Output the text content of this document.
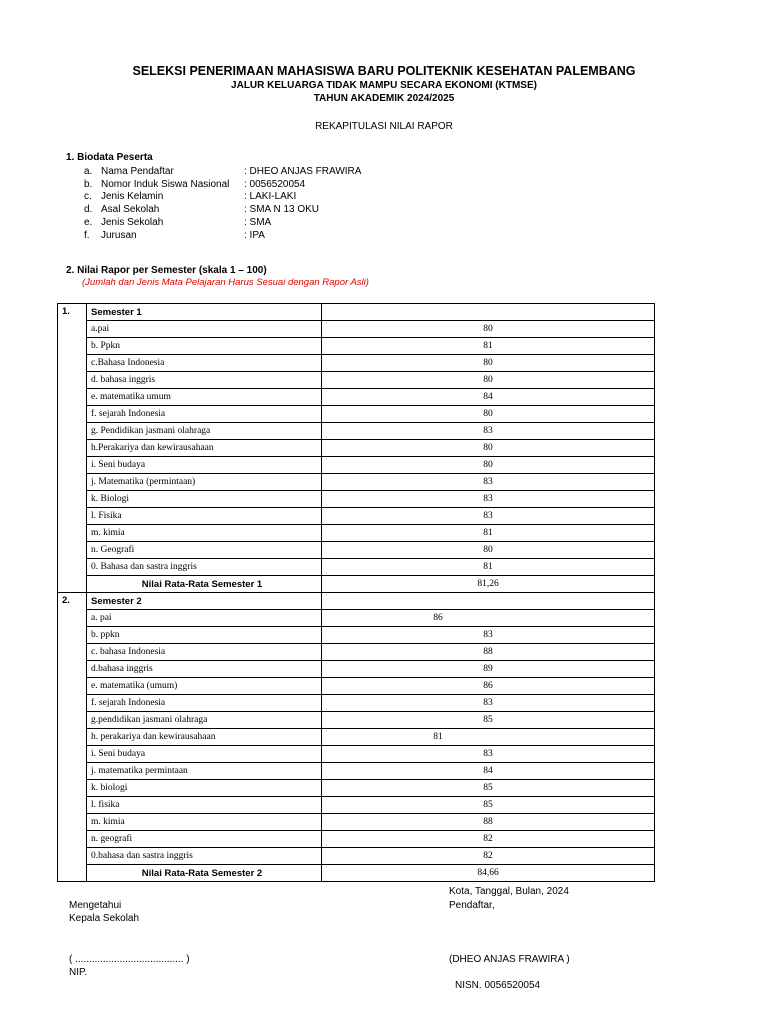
SELEKSI PENERIMAAN MAHASISWA BARU POLITEKNIK KESEHATAN PALEMBANG
JALUR KELUARGA TIDAK MAMPU SECARA EKONOMI (KTMSE)
TAHUN AKADEMIK 2024/2025
REKAPITULASI NILAI RAPOR
1. Biodata Peserta
a. Nama Pendaftar	: DHEO ANJAS FRAWIRA
b. Nomor Induk Siswa Nasional : 0056520054
c. Jenis Kelamin	: LAKI-LAKI
d. Asal Sekolah	: SMA N 13 OKU
e. Jenis Sekolah	: SMA
f. Jurusan	: IPA
2. Nilai Rapor per Semester (skala 1 – 100)
(Jumlah dan Jenis Mata Pelajaran Harus Sesuai dengan Rapor Asli)
1.	Semester 1	
	a.pai	80
	b. Ppkn	81
	c.Bahasa Indonesia	80
	d. bahasa inggris	80
	e. matematika umum	84
	f. sejarah Indonesia	80
	g. Pendidikan jasmani olahraga	83
	h.Perakariya dan kewirausahaan	80
	i. Seni budaya	80
	j. Matematika (permintaan)	83
	k. Biologi	83
	l. Fisika	83
	m. kimia	81
	n. Geografi	80
	0. Bahasa dan sastra inggris	81
	Nilai Rata-Rata Semester 1	81,26
2.	Semester 2	
	a. pai	86
	b. ppkn	83
	c. bahasa Indonesia	88
	d.bahasa inggris	89
	e. matematika (umum)	86
	f. sejarah Indonesia	83
	g.pendidikan jasmani olahraga	85
	h. perakariya dan kewirausahaan	81
	i. Seni budaya	83
	j. matematika permintaan	84
	k. biologi	85
	l. fisika	85
	m. kimia	88
	n. geografi	82
	0.bahasa dan sastra inggris	82
	Nilai Rata-Rata Semester 2	84,66
Kota, Tanggal, Bulan, 2024
Mengetahui	Pendaftar,
Kepala Sekolah
( ....................................... )	(DHEO ANJAS FRAWIRA )
NIP.
NISN. 0056520054
